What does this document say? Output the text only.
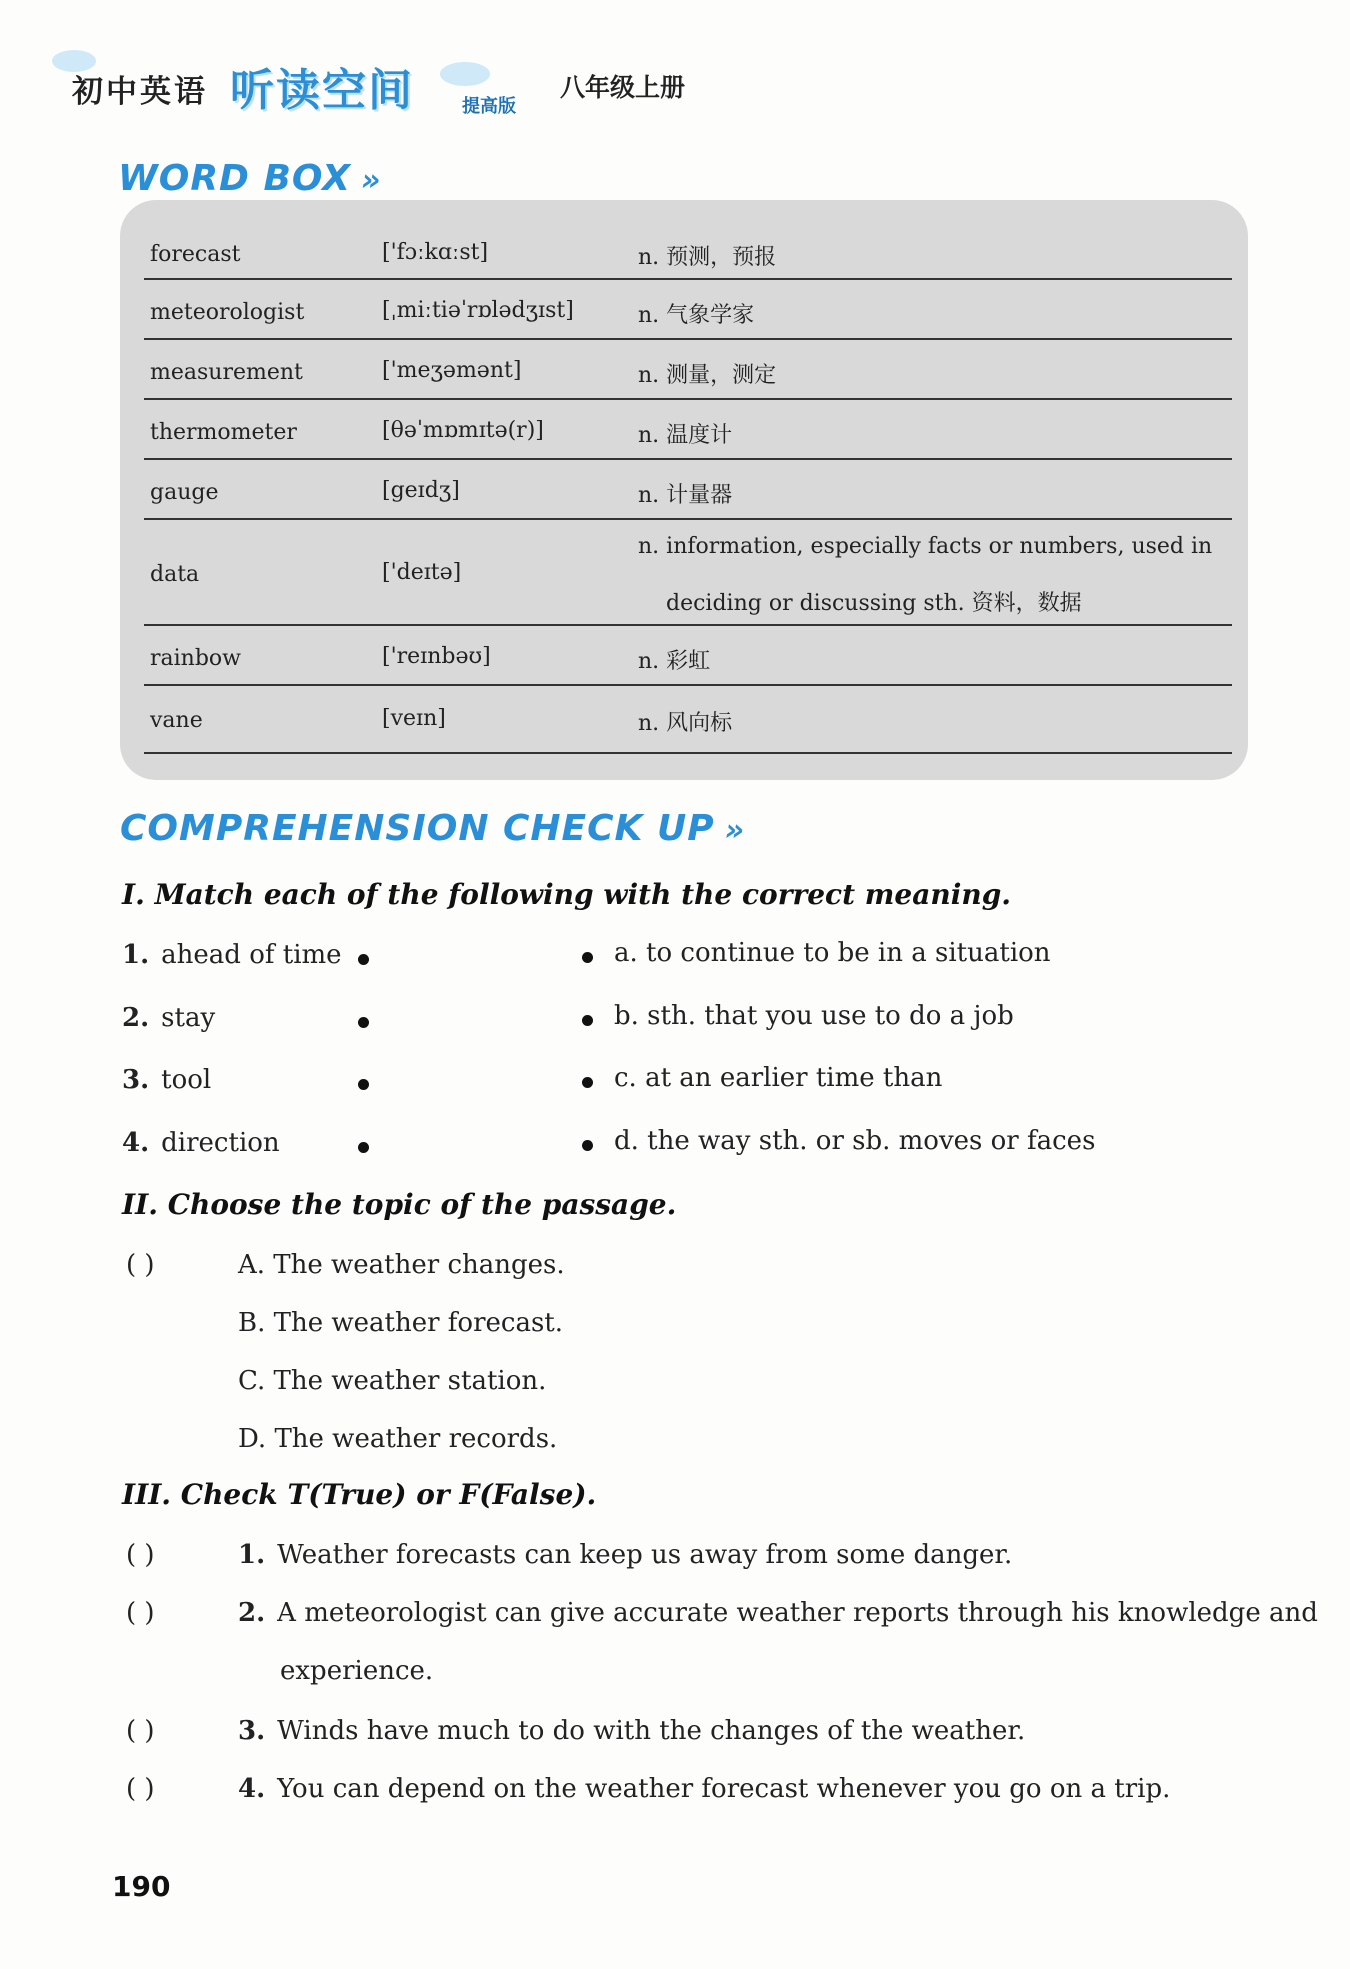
初中英语 听读空间	提高版
八年级上册
WORD BOX »
forecast	['fɔːkɑːst]	n. 预测，预报
meteorologist	[ˌmiːtiəˈrɒlədʒɪst]	n. 气象学家
measurement	['meʒəmənt]	n. 测量，测定
thermometer	[θəˈmɒmɪtə(r)]	n. 温度计
gauge	[geɪdʒ]	n. 计量器
data	['deɪtə]
n. information, especially facts or numbers, used in
deciding or discussing sth. 资料，数据
rainbow	['reɪnbəʊ]	n. 彩虹
vane	[veɪn]	n. 风向标
COMPREHENSION CHECK UP »
I. Match each of the following with the correct meaning.
1. ahead of time
2. stay
3. tool
4. direction
a. to continue to be in a situation
b. sth. that you use to do a job
c. at an earlier time than
d. the way sth. or sb. moves or faces
II. Choose the topic of the passage.
( )	A. The weather changes.
B. The weather forecast.
C. The weather station.
D. The weather records.
III. Check T(True) or F(False).
( )	1. Weather forecasts can keep us away from some danger.
( )	2. A meteorologist can give accurate weather reports through his knowledge and
experience.
( )	3. Winds have much to do with the changes of the weather.
( )	4. You can depend on the weather forecast whenever you go on a trip.
190
